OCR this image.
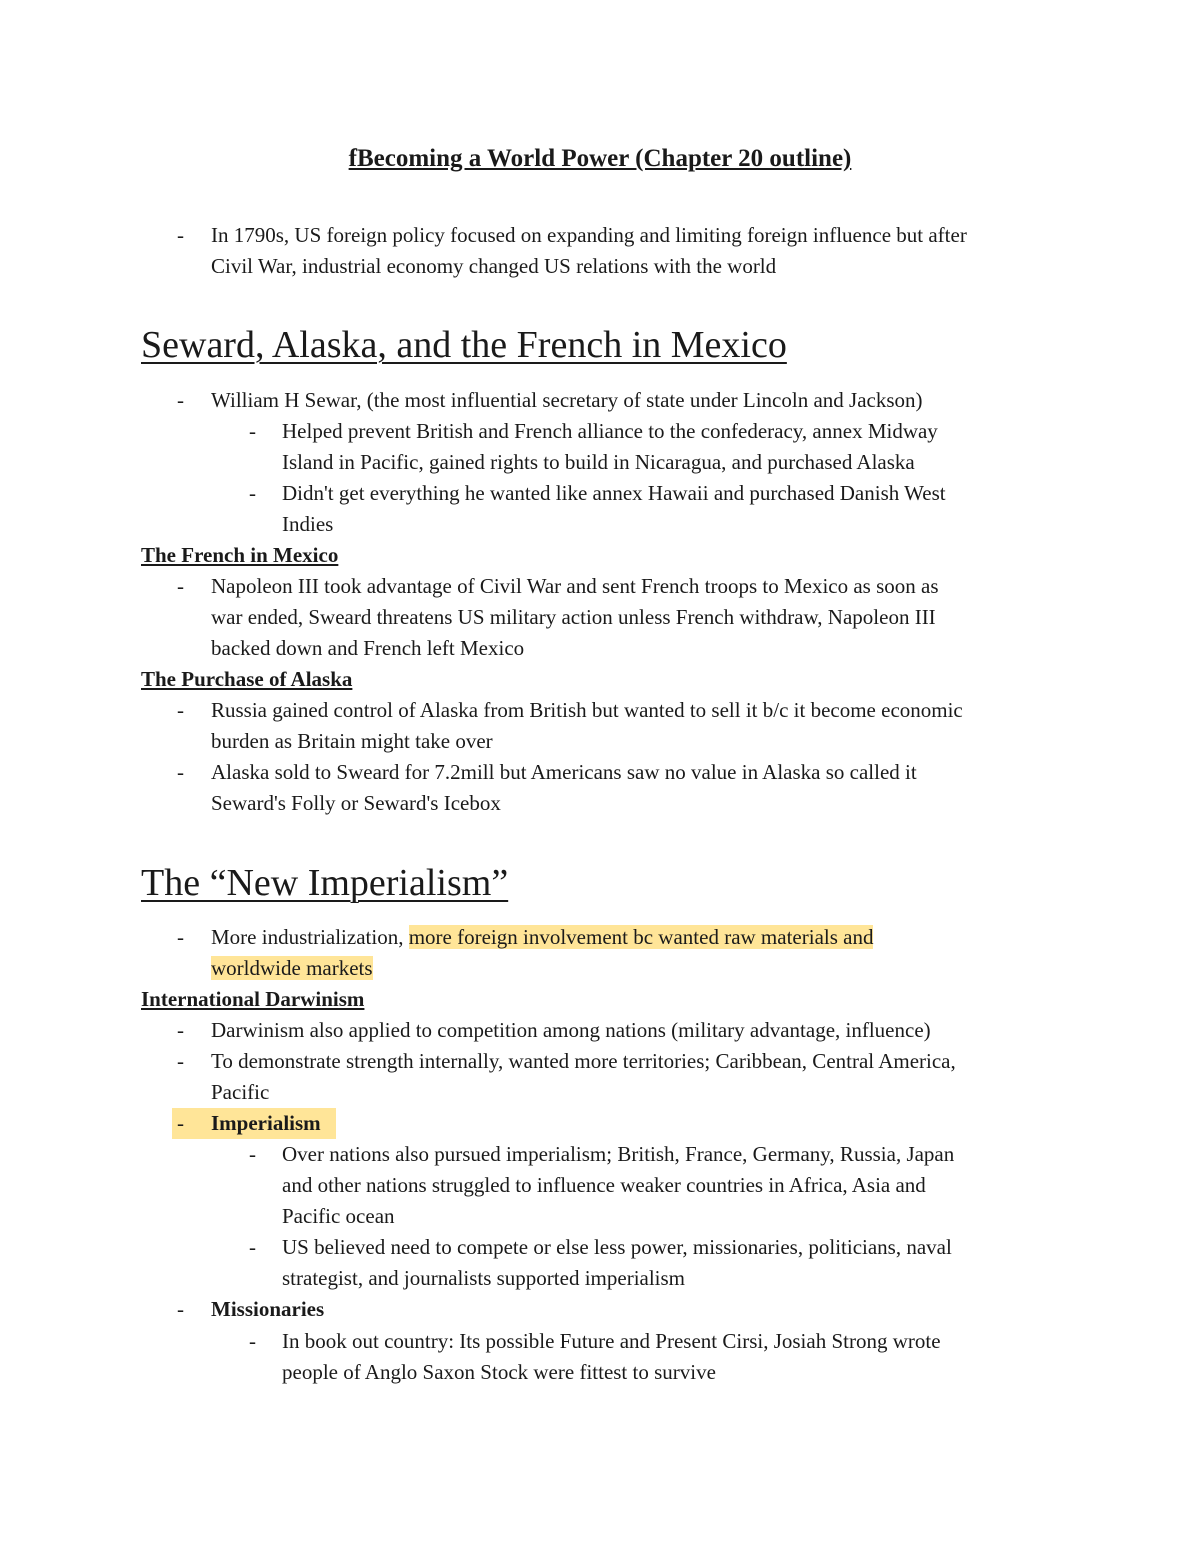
fBecoming a World Power (Chapter 20 outline)
- In 1790s, US foreign policy focused on expanding and limiting foreign influence but after
Civil War, industrial economy changed US relations with the world
Seward, Alaska, and the French in Mexico
- William H Sewar, (the most influential secretary of state under Lincoln and Jackson)
- Helped prevent British and French alliance to the confederacy, annex Midway
Island in Pacific, gained rights to build in Nicaragua, and purchased Alaska
- Didn't get everything he wanted like annex Hawaii and purchased Danish West
Indies
The French in Mexico
- Napoleon III took advantage of Civil War and sent French troops to Mexico as soon as
war ended, Sweard threatens US military action unless French withdraw, Napoleon III
backed down and French left Mexico
The Purchase of Alaska
- Russia gained control of Alaska from British but wanted to sell it b/c it become economic
burden as Britain might take over
- Alaska sold to Sweard for 7.2mill but Americans saw no value in Alaska so called it
Seward's Folly or Seward's Icebox
The “New Imperialism”
- More industrialization, more foreign involvement bc wanted raw materials and
worldwide markets
International Darwinism
- Darwinism also applied to competition among nations (military advantage, influence)
- To demonstrate strength internally, wanted more territories; Caribbean, Central America,
Pacific
- Imperialism
- Over nations also pursued imperialism; British, France, Germany, Russia, Japan
and other nations struggled to influence weaker countries in Africa, Asia and
Pacific ocean
- US believed need to compete or else less power, missionaries, politicians, naval
strategist, and journalists supported imperialism
- Missionaries
- In book out country: Its possible Future and Present Cirsi, Josiah Strong wrote
people of Anglo Saxon Stock were fittest to survive
